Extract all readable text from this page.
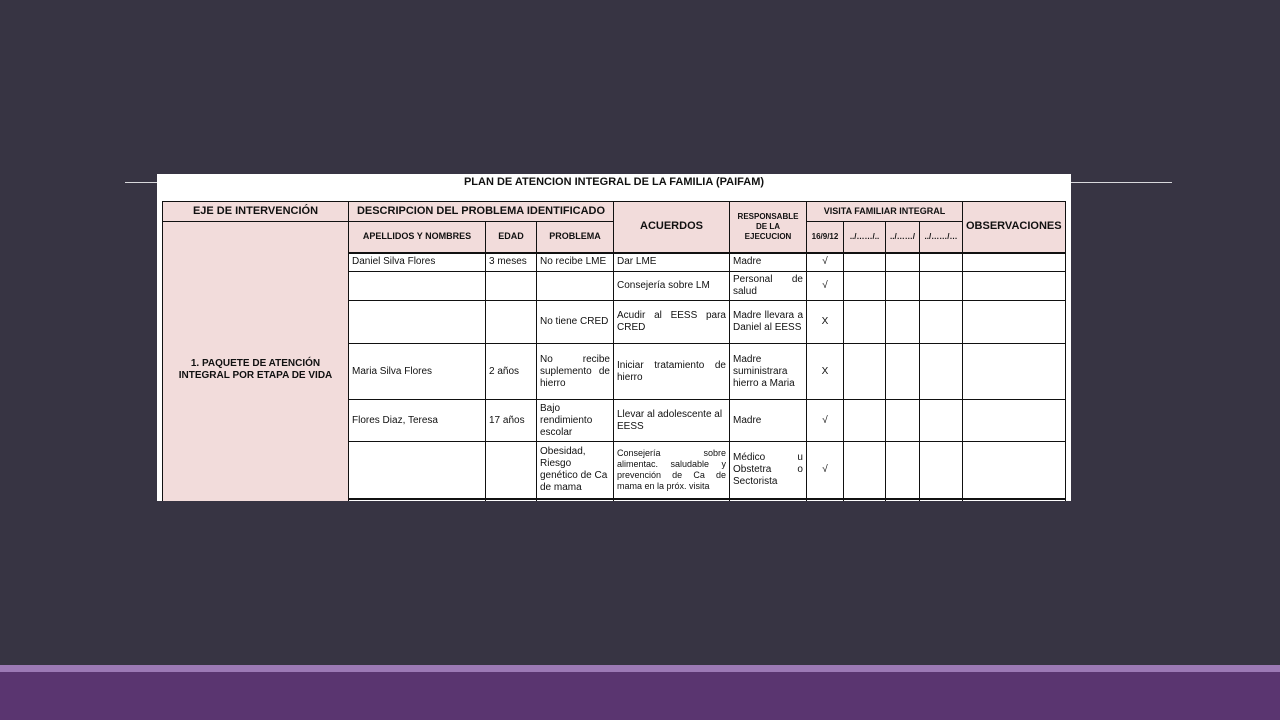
PLAN DE ATENCION INTEGRAL DE LA FAMILIA (PAIFAM)
EJE DE INTERVENCIÓN	DESCRIPCION DEL PROBLEMA IDENTIFICADO			ACUERDOS	RESPONSABLE DE LA EJECUCION	VISITA FAMILIAR INTEGRAL				OBSERVACIONES
1. PAQUETE DE ATENCIÓN INTEGRAL POR ETAPA DE VIDA	APELLIDOS Y NOMBRES	EDAD	PROBLEMA			16/9/12	../……/..	../……/	../……/…	
	Daniel Silva Flores	3 meses	No recibe LME	Dar LME	Madre	√				
				Consejería sobre LM	Personal de salud	√				
			No tiene CRED	Acudir al EESS para CRED	Madre llevara a Daniel al EESS	X				
	Maria Silva Flores	2 años	No recibe suplemento de hierro	Iniciar tratamiento de hierro	Madre suministrara hierro a Maria	X				
	Flores Diaz, Teresa	17 años	Bajo rendimiento escolar	Llevar al adolescente al EESS	Madre	√				
			Obesidad, Riesgo genético de Ca de mama	Consejería sobre alimentac. saludable y prevención de Ca de mama en la próx. visita	Médico u Obstetra o Sectorista	√				
